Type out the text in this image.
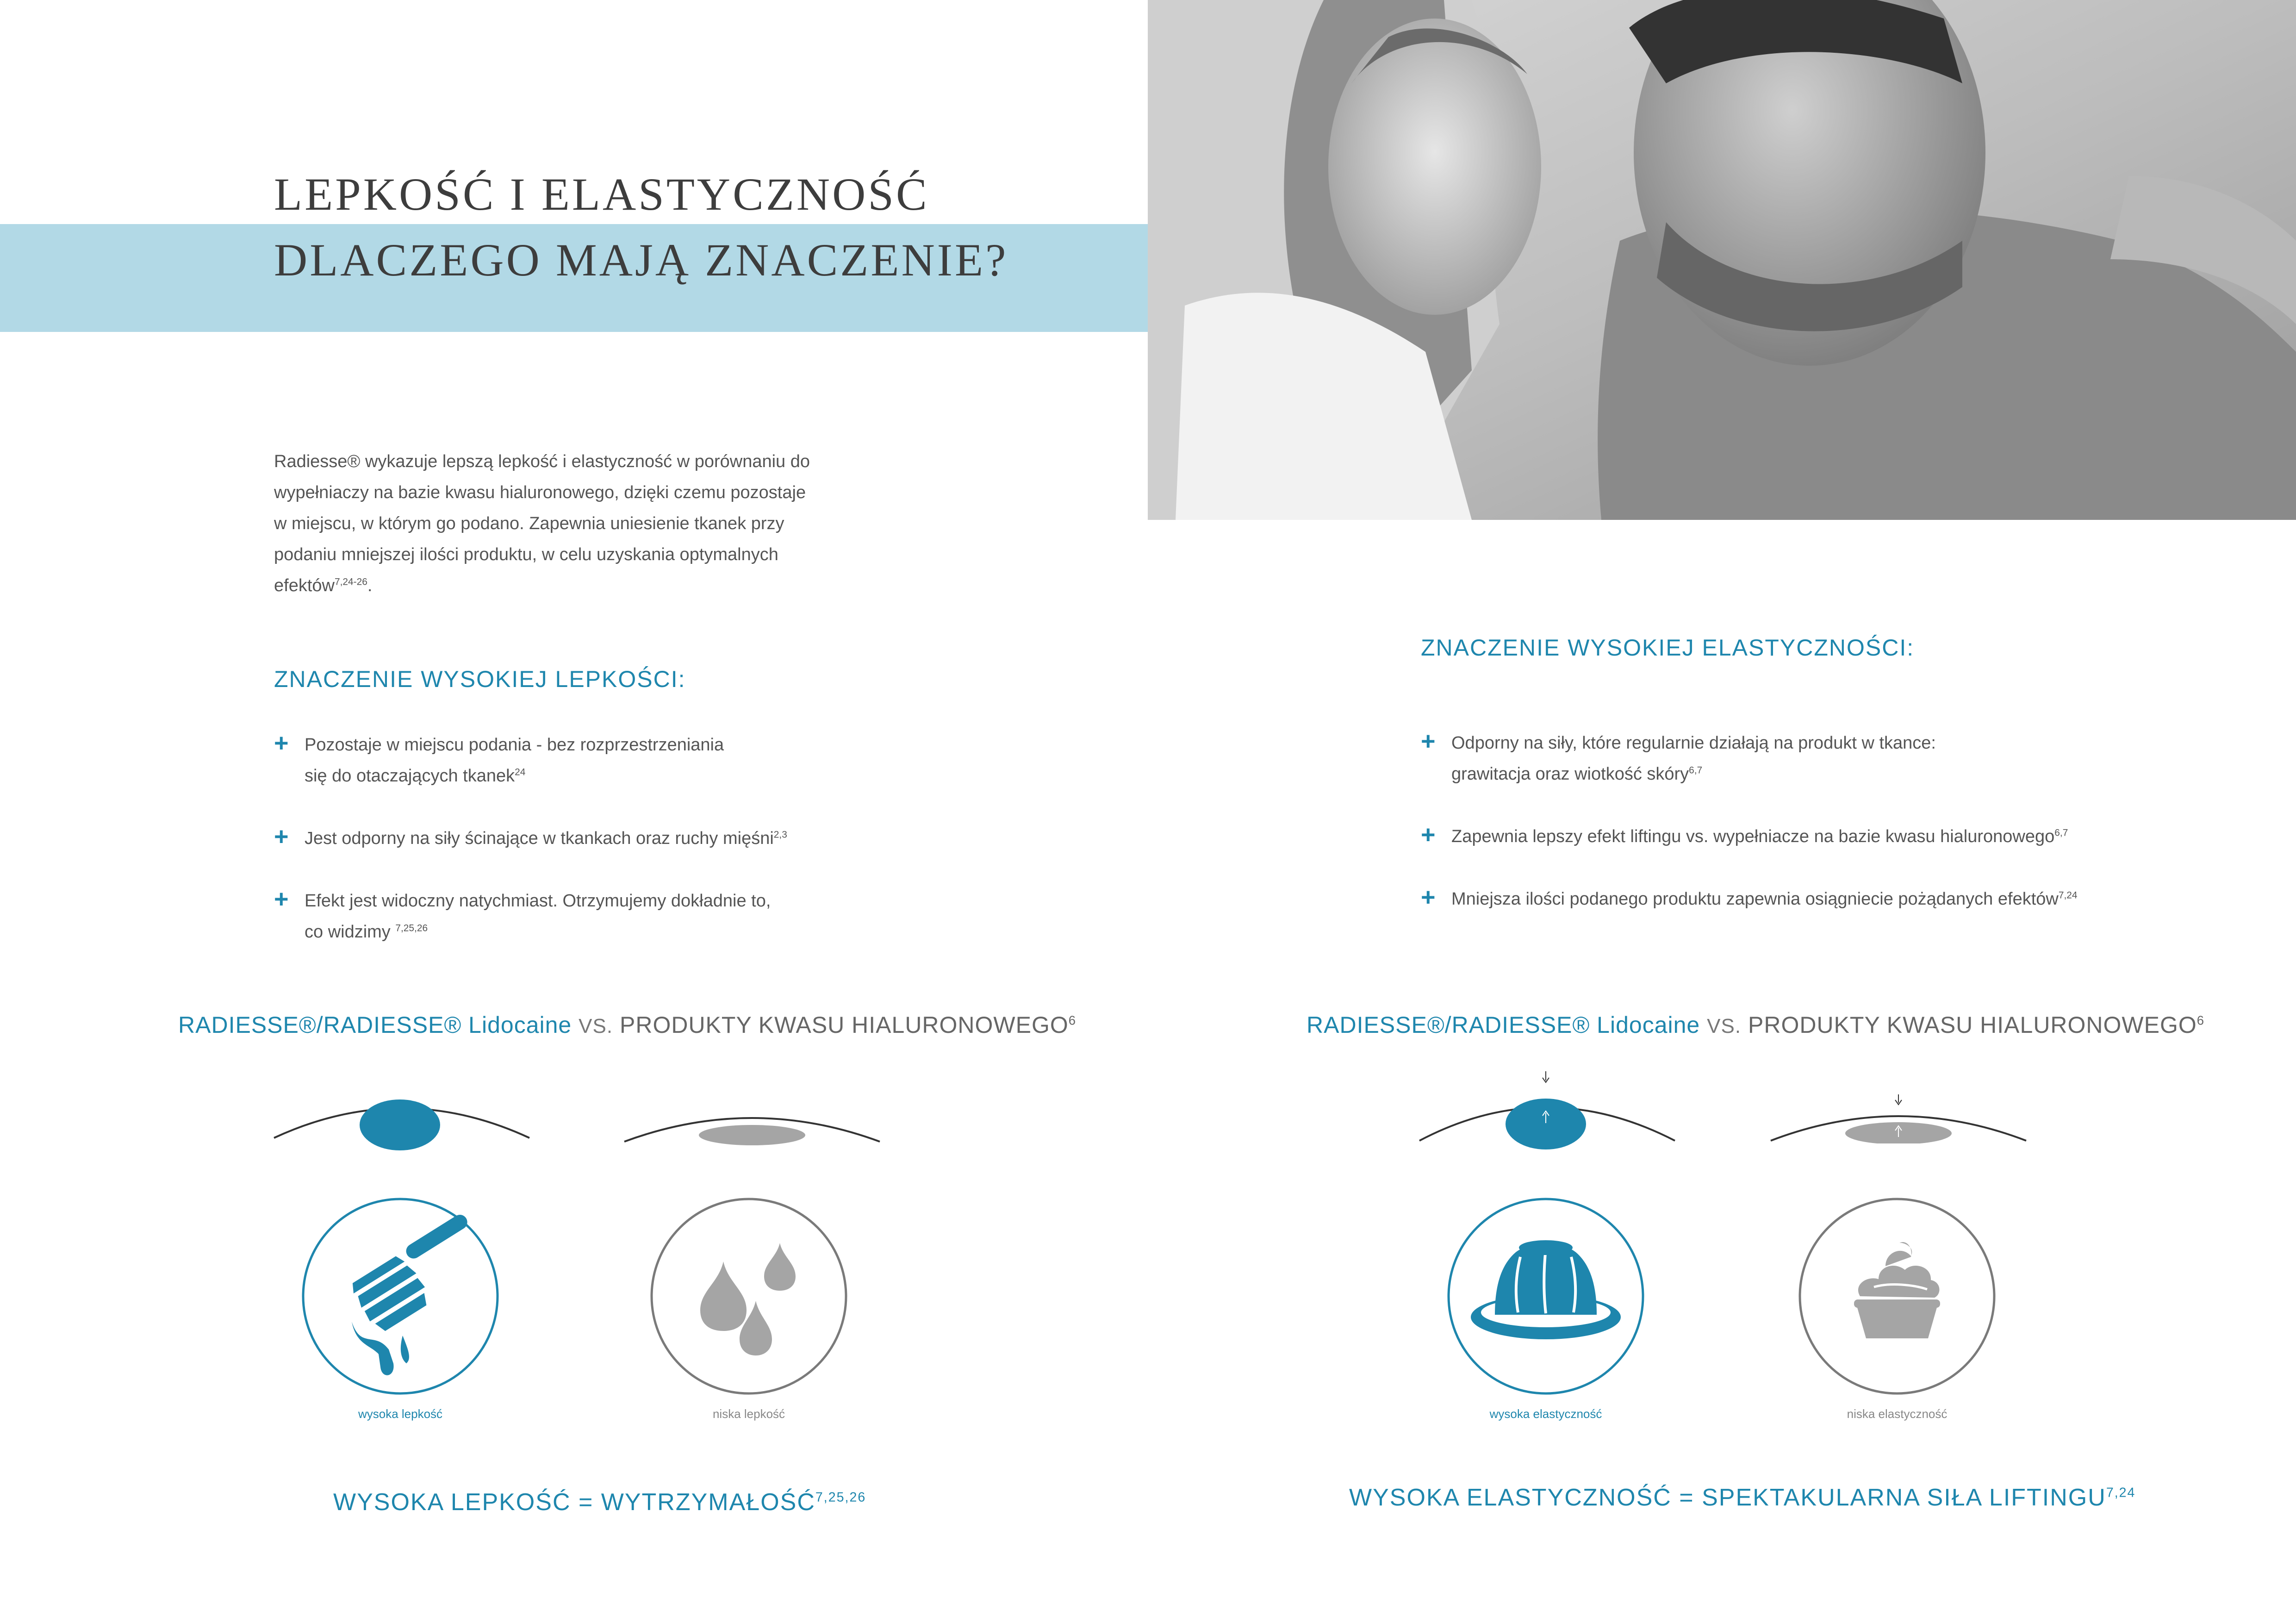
LEPKOŚĆ I ELASTYCZNOŚĆ
DLACZEGO MAJĄ ZNACZENIE?
Radiesse® wykazuje lepszą lepkość i elastyczność w porównaniu do
wypełniaczy na bazie kwasu hialuronowego, dzięki czemu pozostaje
w miejscu, w którym go podano. Zapewnia uniesienie tkanek przy
podaniu mniejszej ilości produktu, w celu uzyskania optymalnych
efektów$^{7,24-26}$.
ZNACZENIE WYSOKIEJ LEPKOŚCI:
+ Pozostaje w miejscu podania - bez rozprzestrzeniania
się do otaczających tkanek$^{24}$
+ Jest odporny na siły ścinające w tkankach oraz ruchy mięśni$^{2,3}$
+ Efekt jest widoczny natychmiast. Otrzymujemy dokładnie to,
co widzimy $^{7,25,26}$
ZNACZENIE WYSOKIEJ ELASTYCZNOŚCI:
+ Odporny na siły, które regularnie działają na produkt w tkance:
grawitacja oraz wiotkość skóry$^{6,7}$
+ Zapewnia lepszy efekt liftingu vs. wypełniacze na bazie kwasu hialuronowego$^{6,7}$
+ Mniejsza ilości podanego produktu zapewnia osiągniecie pożądanych efektów$^{7,24}$
RADIESSE®/RADIESSE® Lidocaine VS. PRODUKTY KWASU HIALURONOWEGO$^6$	RADIESSE®/RADIESSE® Lidocaine VS. PRODUKTY KWASU HIALURONOWEGO$^6$
wysoka lepkość	niska lepkość	wysoka elastyczność	niska elastyczność
WYSOKA LEPKOŚĆ = WYTRZYMAŁOŚĆ$^{7,25,26}$	WYSOKA ELASTYCZNOŚĆ = SPEKTAKULARNA SIŁA LIFTINGU$^{7,24}$
